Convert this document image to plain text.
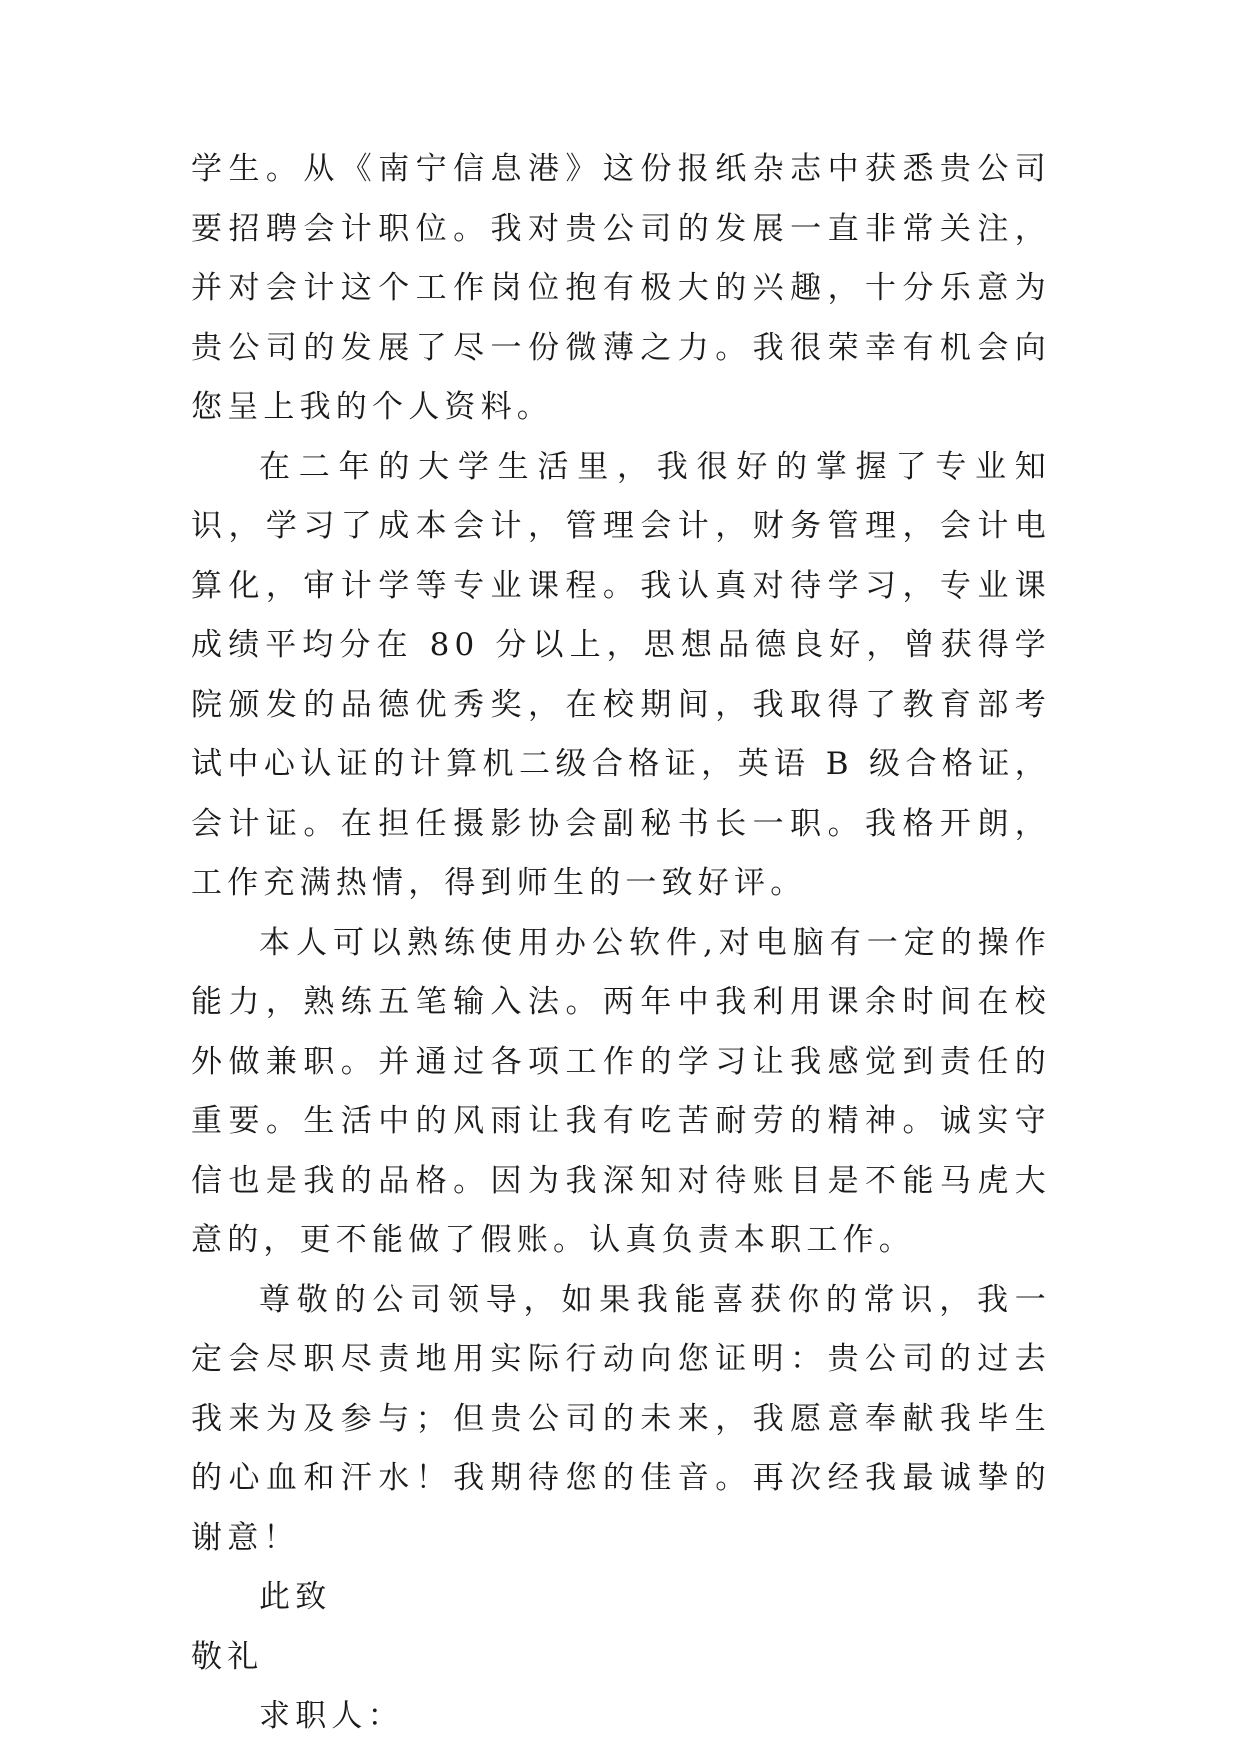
学生。从《南宁信息港》这份报纸杂志中获悉贵公司要招聘会计职位。我对贵公司的发展一直非常关注，并对会计这个工作岗位抱有极大的兴趣，十分乐意为贵公司的发展了尽一份微薄之力。我很荣幸有机会向您呈上我的个人资料。

在二年的大学生活里，我很好的掌握了专业知识，学习了成本会计，管理会计，财务管理，会计电算化，审计学等专业课程。我认真对待学习，专业课成绩平均分在 80 分以上，思想品德良好，曾获得学院颁发的品德优秀奖，在校期间，我取得了教育部考试中心认证的计算机二级合格证，英语 B 级合格证，会计证。在担任摄影协会副秘书长一职。我格开朗，工作充满热情，得到师生的一致好评。

本人可以熟练使用办公软件,对电脑有一定的操作能力，熟练五笔输入法。两年中我利用课余时间在校外做兼职。并通过各项工作的学习让我感觉到责任的重要。生活中的风雨让我有吃苦耐劳的精神。诚实守信也是我的品格。因为我深知对待账目是不能马虎大意的，更不能做了假账。认真负责本职工作。

尊敬的公司领导，如果我能喜获你的常识，我一定会尽职尽责地用实际行动向您证明：贵公司的过去我来为及参与；但贵公司的未来，我愿意奉献我毕生的心血和汗水！我期待您的佳音。再次经我最诚挚的谢意！

此致

敬礼

求职人：
